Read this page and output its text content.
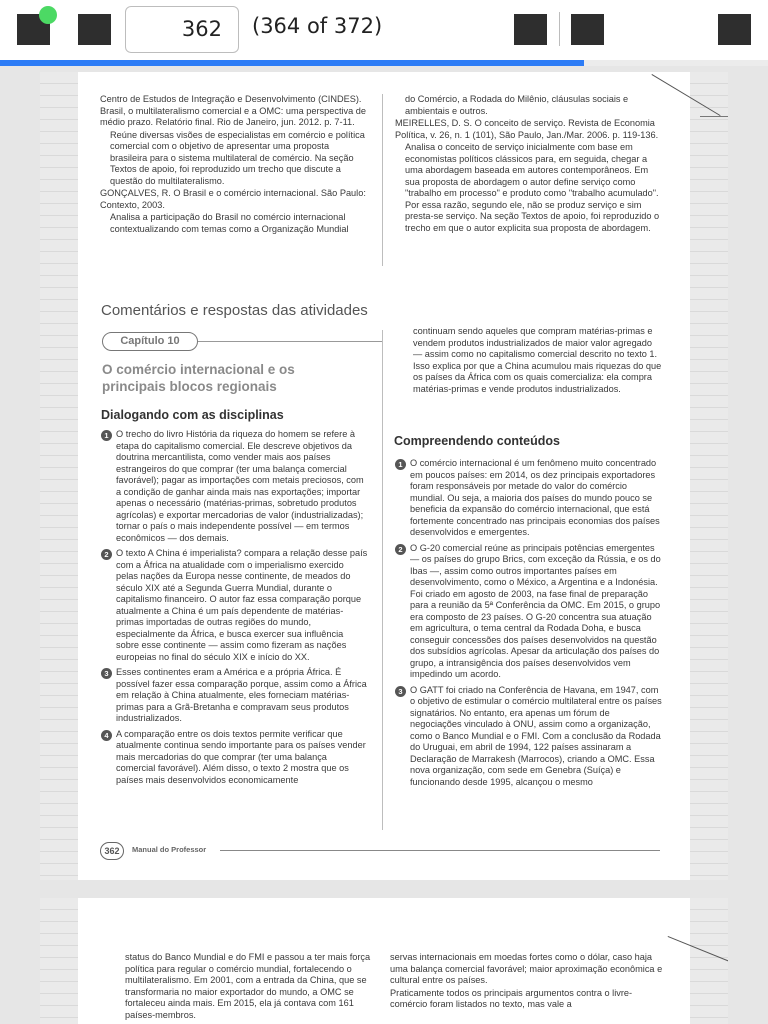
362	(364 of 372)

Centro de Estudos de Integração e Desenvolvimento (CINDES). Brasil, o multilateralismo comercial e a OMC: uma perspectiva de médio prazo. Relatório final. Rio de Janeiro, jun. 2012. p. 7-11.

Reúne diversas visões de especialistas em comércio e política comercial com o objetivo de apresentar uma proposta brasileira para o sistema multilateral de comércio. Na seção Textos de apoio, foi reproduzido um trecho que discute a questão do multilateralismo.

GONÇALVES, R. O Brasil e o comércio internacional. São Paulo: Contexto, 2003.

Analisa a participação do Brasil no comércio internacional contextualizando com temas como a Organização Mundial

do Comércio, a Rodada do Milênio, cláusulas sociais e ambientais e outros.

MEIRELLES, D. S. O conceito de serviço. Revista de Economia Política, v. 26, n. 1 (101), São Paulo, Jan./Mar. 2006. p. 119-136.

Analisa o conceito de serviço inicialmente com base em economistas políticos clássicos para, em seguida, chegar a uma abordagem baseada em autores contemporâneos. Em sua proposta de abordagem o autor define serviço como "trabalho em processo" e produto como "trabalho acumulado". Por essa razão, segundo ele, não se produz serviço e sim presta-se serviço. Na seção Textos de apoio, foi reproduzido o trecho em que o autor explicita sua proposta de abordagem.

Comentários e respostas das atividades
Capítulo 10
O comércio internacional e os principais blocos regionais
Dialogando com as disciplinas
1 O trecho do livro História da riqueza do homem se refere à etapa do capitalismo comercial. Ele descreve objetivos da doutrina mercantilista, como vender mais aos países estrangeiros do que comprar (ter uma balança comercial favorável); pagar as importações com metais preciosos, com a condição de ganhar ainda mais nas exportações; importar apenas o necessário (matérias-primas, sobretudo produtos agrícolas) e exportar mercadorias de valor (industrializadas); tornar o país o mais independente possível — em termos econômicos — dos demais.
2 O texto A China é imperialista? compara a relação desse país com a África na atualidade com o imperialismo exercido pelas nações da Europa nesse continente, de meados do século XIX até a Segunda Guerra Mundial, durante o capitalismo financeiro. O autor faz essa comparação porque atualmente a China é um país dependente de matérias-primas importadas de outras regiões do mundo, especialmente da África, e busca exercer sua influência sobre esse continente — assim como fizeram as nações europeias no final do século XIX e início do XX.
3 Esses continentes eram a América e a própria África. É possível fazer essa comparação porque, assim como a África em relação à China atualmente, eles forneciam matérias-primas para a Grã-Bretanha e compravam seus produtos industrializados.
4 A comparação entre os dois textos permite verificar que atualmente continua sendo importante para os países vender mais mercadorias do que comprar (ter uma balança comercial favorável). Além disso, o texto 2 mostra que os países mais desenvolvidos economicamente
continuam sendo aqueles que compram matérias-primas e vendem produtos industrializados de maior valor agregado — assim como no capitalismo comercial descrito no texto 1. Isso explica por que a China acumulou mais riquezas do que os países da África com os quais comercializa: ela compra matérias-primas e vende produtos industrializados.
Compreendendo conteúdos
1 O comércio internacional é um fenômeno muito concentrado em poucos países: em 2014, os dez principais exportadores foram responsáveis por metade do valor do comércio mundial. Ou seja, a maioria dos países do mundo pouco se beneficia da expansão do comércio internacional, que está fortemente concentrado nas principais economias dos países desenvolvidos e emergentes.
2 O G-20 comercial reúne as principais potências emergentes — os países do grupo Brics, com exceção da Rússia, e os do Ibas —, assim como outros importantes países em desenvolvimento, como o México, a Argentina e a Indonésia. Foi criado em agosto de 2003, na fase final de preparação para a reunião da 5ª Conferência da OMC. Em 2015, o grupo era composto de 23 países. O G-20 concentra sua atuação em agricultura, o tema central da Rodada Doha, e busca conseguir concessões dos países desenvolvidos na questão dos subsídios agrícolas. Apesar da articulação dos países do grupo, a intransigência dos países desenvolvidos vem impedindo um acordo.
3 O GATT foi criado na Conferência de Havana, em 1947, com o objetivo de estimular o comércio multilateral entre os países signatários. No entanto, era apenas um fórum de negociações vinculado à ONU, assim como a organização, como o Banco Mundial e o FMI. Com a conclusão da Rodada do Uruguai, em abril de 1994, 122 países assinaram a Declaração de Marrakesh (Marrocos), criando a OMC. Essa nova organização, com sede em Genebra (Suíça) e funcionando desde 1995, alcançou o mesmo
362	Manual do Professor
status do Banco Mundial e do FMI e passou a ter mais força política para regular o comércio mundial, fortalecendo o multilateralismo. Em 2001, com a entrada da China, que se transformaria no maior exportador do mundo, a OMC se fortaleceu ainda mais. Em 2015, ela já contava com 161 países-membros.

servas internacionais em moedas fortes como o dólar, caso haja uma balança comercial favorável; maior aproximação econômica e cultural entre os países.

Praticamente todos os principais argumentos contra o livre-comércio foram listados no texto, mas vale a
